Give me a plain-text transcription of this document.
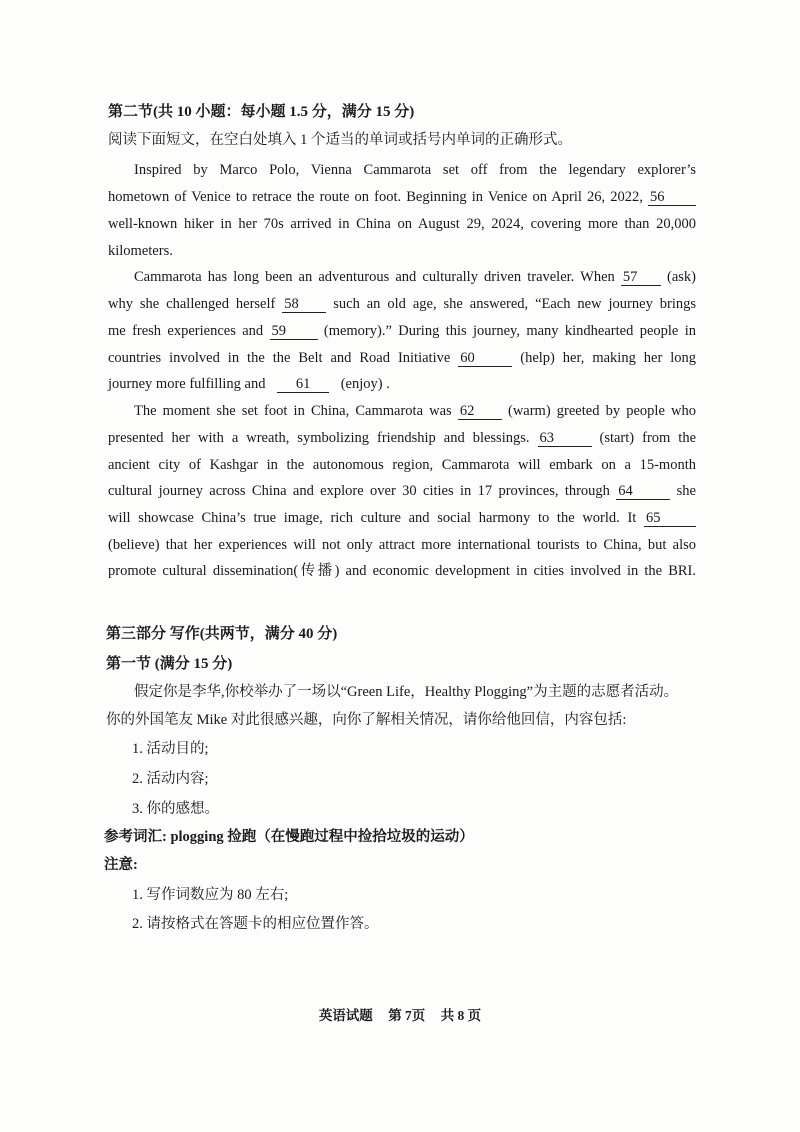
第二节(共 10 小题：每小题 1.5 分，满分 15 分)
阅读下面短文，在空白处填入 1 个适当的单词或括号内单词的正确形式。
Inspired by Marco Polo, Vienna Cammarota set off from the legendary explorer’s
hometown of Venice to retrace the route on foot. Beginning in Venice on April 26, 2022, 56
well-known hiker in her 70s arrived in China on August 29, 2024, covering more than 20,000
kilometers.
Cammarota has long been an adventurous and culturally driven traveler. When 57 (ask)
why she challenged herself 58 such an old age, she answered, “Each new journey brings
me fresh experiences and 59	(memory).” During this journey, many kindhearted people in
countries involved in the the Belt and Road Initiative 60	(help) her, making her long
journey more fulfilling and 61 (enjoy) .
The moment she set foot in China, Cammarota was 62 (warm) greeted by people who
presented her with a wreath, symbolizing friendship and blessings. 63	(start) from the
ancient city of Kashgar in the autonomous region, Cammarota will embark on a 15-month
cultural journey across China and explore over 30 cities in 17 provinces, through 64	she
will showcase China’s true image, rich culture and social harmony to the world. It 65
(believe) that her experiences will not only attract more international tourists to China, but also
promote cultural dissemination(传播) and economic development in cities involved in the BRI.
第三部分 写作(共两节，满分 40 分)
第一节 (满分 15 分)
假定你是李华,你校举办了一场以“Green Life，Healthy Plogging”为主题的志愿者活动。
你的外国笔友 Mike 对此很感兴趣，向你了解相关情况，请你给他回信，内容包括:
1. 活动目的;
2. 活动内容;
3. 你的感想。
参考词汇: plogging 捡跑（在慢跑过程中捡拾垃圾的运动）
注意:
1. 写作词数应为 80 左右;
2. 请按格式在答题卡的相应位置作答。
英语试题 第 7页 共 8 页
